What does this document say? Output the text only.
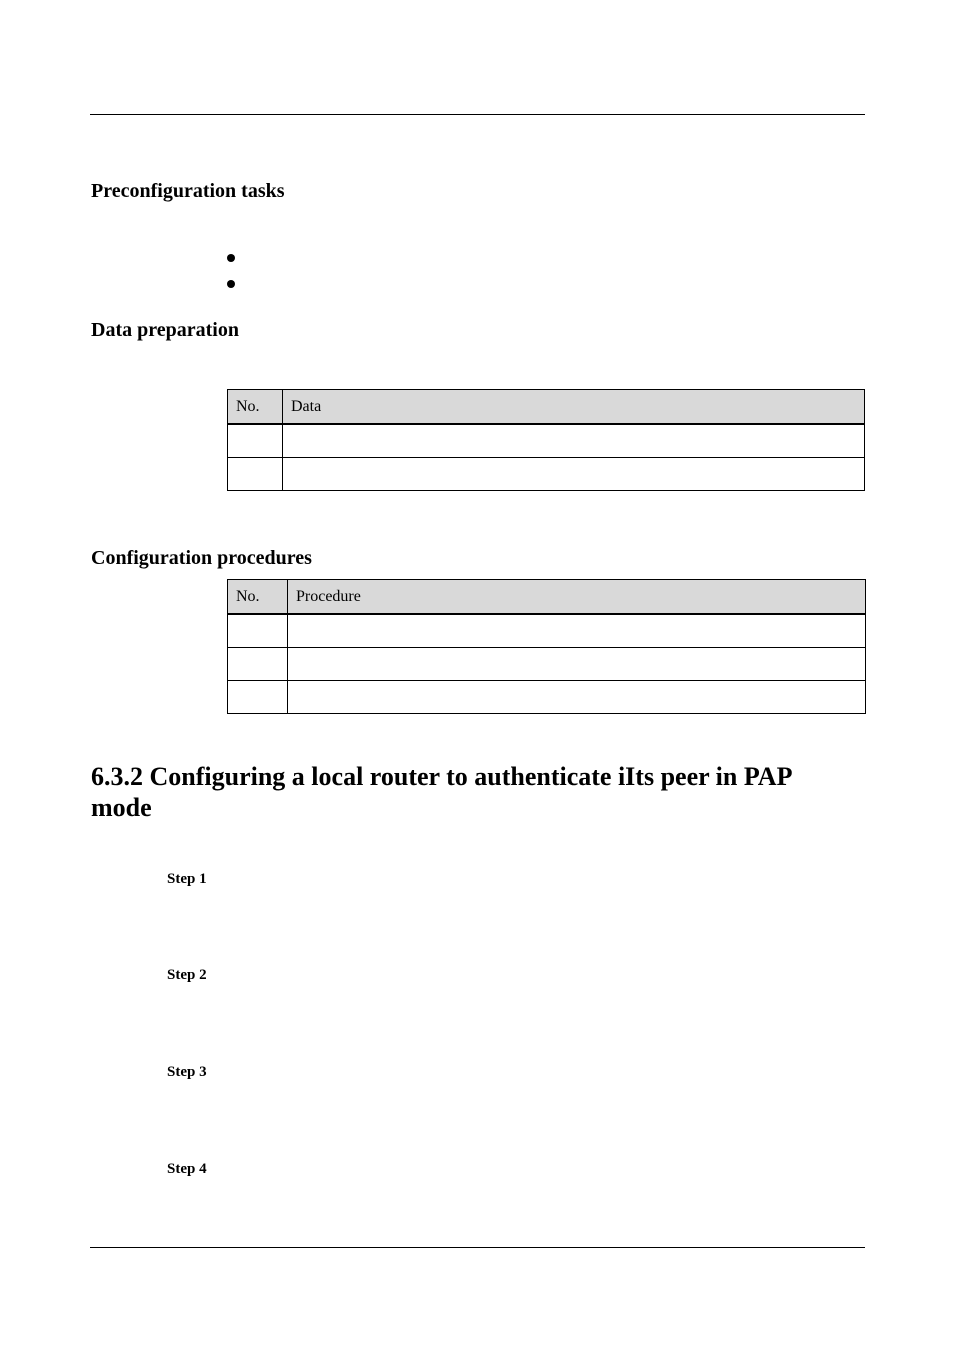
Preconfiguration tasks
Data preparation
No.	Data

Configuration procedures
No.	Procedure

6.3.2 Configuring a local router to authenticate iIts peer in PAP mode
Step 1
Step 2
Step 3
Step 4
